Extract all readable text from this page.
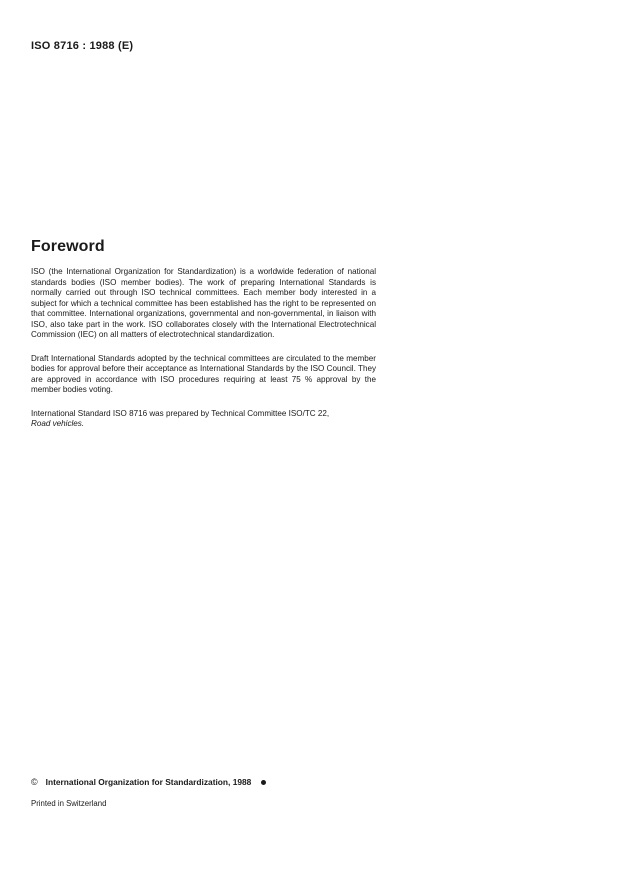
ISO 8716 : 1988 (E)
Foreword

ISO (the International Organization for Standardization) is a worldwide federation of national standards bodies (ISO member bodies). The work of preparing International Standards is normally carried out through ISO technical committees. Each member body interested in a subject for which a technical committee has been established has the right to be represented on that committee. International organizations, governmental and non-governmental, in liaison with ISO, also take part in the work. ISO collaborates closely with the International Electrotechnical Commission (IEC) on all matters of electrotechnical standardization.

Draft International Standards adopted by the technical committees are circulated to the member bodies for approval before their acceptance as International Standards by the ISO Council. They are approved in accordance with ISO procedures requiring at least 75 % approval by the member bodies voting.

International Standard ISO 8716 was prepared by Technical Committee ISO/TC 22,
Road vehicles.

© International Organization for Standardization, 1988
Printed in Switzerland
